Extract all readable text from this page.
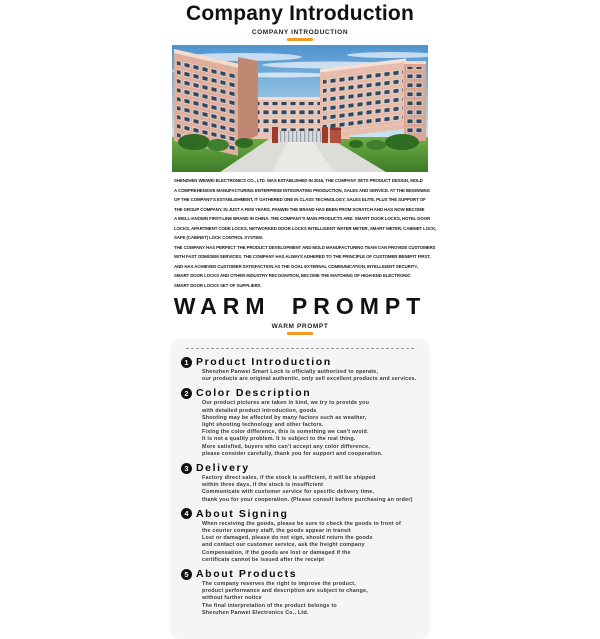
Company Introduction
COMPANY INTRODUCTION
SHENZHEN WEIWEI ELECTRONICS CO., LTD. WAS ESTABLISHED IN 2016, THE COMPANY SETS PRODUCT DESIGN, MOLD
A COMPREHENSIVE MANUFACTURING ENTERPRISE INTEGRATING PRODUCTION, SALES AND SERVICE. AT THE BEGINNING
OF THE COMPANY'S ESTABLISHMENT, IT GATHERED ONE IN CLASS TECHNOLOGY, SALES ELITE, PLUS THE SUPPORT OF
THE GROUP COMPANY, IN JUST A FEW YEARS, PANWEI THE BRAND HAS BEEN FROM SCRATCH AND HAS NOW BECOME
A WELL-KNOWN FIRST-LINE BRAND IN CHINA. THE COMPANY'S MAIN PRODUCTS ARE: SMART DOOR LOCKS, HOTEL DOOR
LOCKS, APARTMENT CODE LOCKS, NETWORKED DOOR LOCKS INTELLIGENT WATER METER, SMART METER, CABINET LOCK,
SAFE (CABINET) LOCK CONTROL SYSTEM.
THE COMPANY HAS PERFECT THE PRODUCT DEVELOPMENT AND MOLD MANUFACTURING TEAM CAN PROVIDE CUSTOMERS
WITH FAST ODM/OEM SERVICES. THE COMPANY HAS ALWAYS ADHERED TO THE PRINCIPLE OF CUSTOMER BENEFIT FIRST,
AND HAS ACHIEVED CUSTOMER SATISFACTION AS THE GOAL EXTERNAL COMMUNICATION, INTELLIGENT SECURITY,
SMART DOOR LOCKS AND OTHER INDUSTRY RECOGNITION, BECOME THE MATCHING OF HIGH-END ELECTRONIC
SMART DOOR LOCKS SET OF SUPPLIERS
WARM PROMPT
WARM PROMPT
1 Product Introduction
Shenzhen Panwei Smart Lock is officially authorized to operate,
our products are original authentic, only sell excellent products and services.
2 Color Description
Our product pictures are taken in kind, we try to provide you
with detailed product introduction, goods
Shooting may be affected by many factors such as weather,
light shooting technology and other factors.
Fixing the color difference, this is something we can't avoid.
It is not a quality problem. It is subject to the real thing.
More satisfied, buyers who can't accept any color difference,
please consider carefully, thank you for support and cooperation.
3 Delivery
Factory direct sales, if the stock is sufficient, it will be shipped
within three days, if the stock is insufficient
Communicate with customer service for specific delivery time,
thank you for your cooperation. (Please consult before purchasing an order)
4 About Signing
When receiving the goods, please be sure to check the goods in front of
the courier company staff, the goods appear in transit
Lost or damaged, please do not sign, should return the goods
and contact our customer service, ask the freight company
Compensation, if the goods are lost or damaged if the
certificate cannot be issued after the receipt
5 About Products
The company reserves the right to improve the product,
product performance and description are subject to change,
without further notice
The final interpretation of the product belongs to
Shenzhen Panwei Electronics Co., Ltd.
